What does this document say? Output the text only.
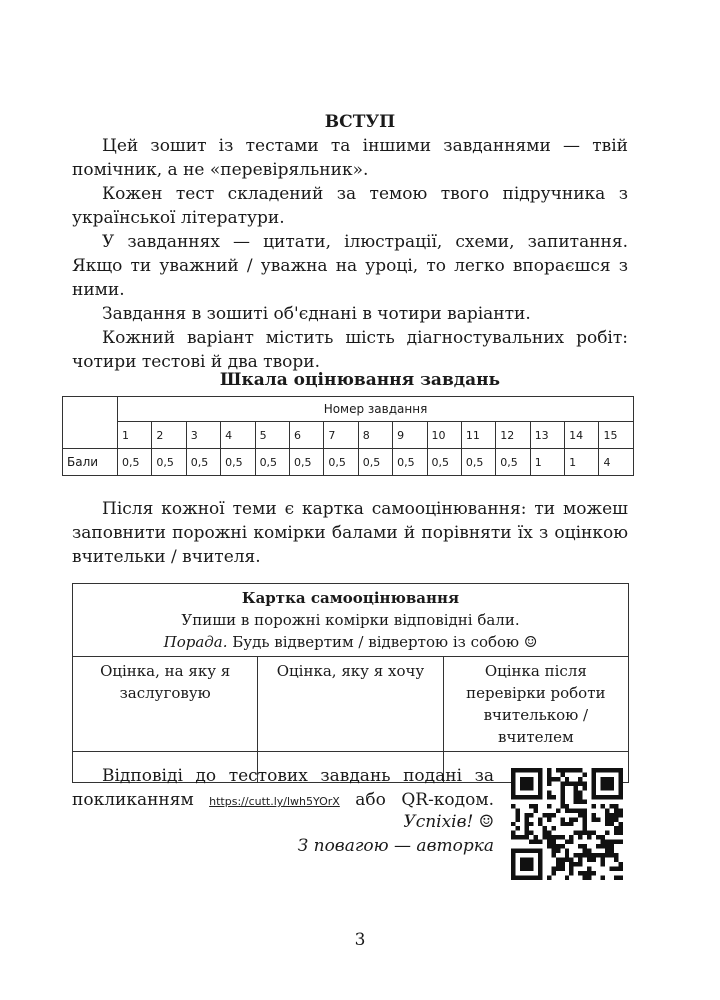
ВСТУП

Цей зошит із тестами та іншими завданнями — твій помічник, а не «перевіряльник».

Кожен тест складений за темою твого підручника з української літератури.

У завданнях — цитати, ілюстрації, схеми, запитання. Якщо ти уважний / уважна на уроці, то легко впораєшся з ними.

Завдання в зошиті об'єднані в чотири варіанти.

Кожний варіант містить шість діагностувальних робіт: чотири тестові й два твори.

Шкала оцінювання завдань
	Номер завдання														
	1	2	3	4	5	6	7	8	9	10	11	12	13	14	15
Бали	0,5	0,5	0,5	0,5	0,5	0,5	0,5	0,5	0,5	0,5	0,5	0,5	1	1	4

Після кожної теми є картка самооцінювання: ти можеш заповнити порожні комірки балами й порівняти їх з оцінкою вчительки / вчителя.

Картка самооцінювання
Упиши в порожні комірки відповідні бали.
Порада. Будь відвертим / відвертою із собою ☺		

Оцінка, на яку я заслуговую	Оцінка, яку я хочу	Оцінка після перевірки роботи вчителькою / вчителем

Відповіді до тестових завдань подані за покликанням https://cutt.ly/lwh5YOrX або QR-кодом.

Успіхів! ☺
З повагою — авторка
3
